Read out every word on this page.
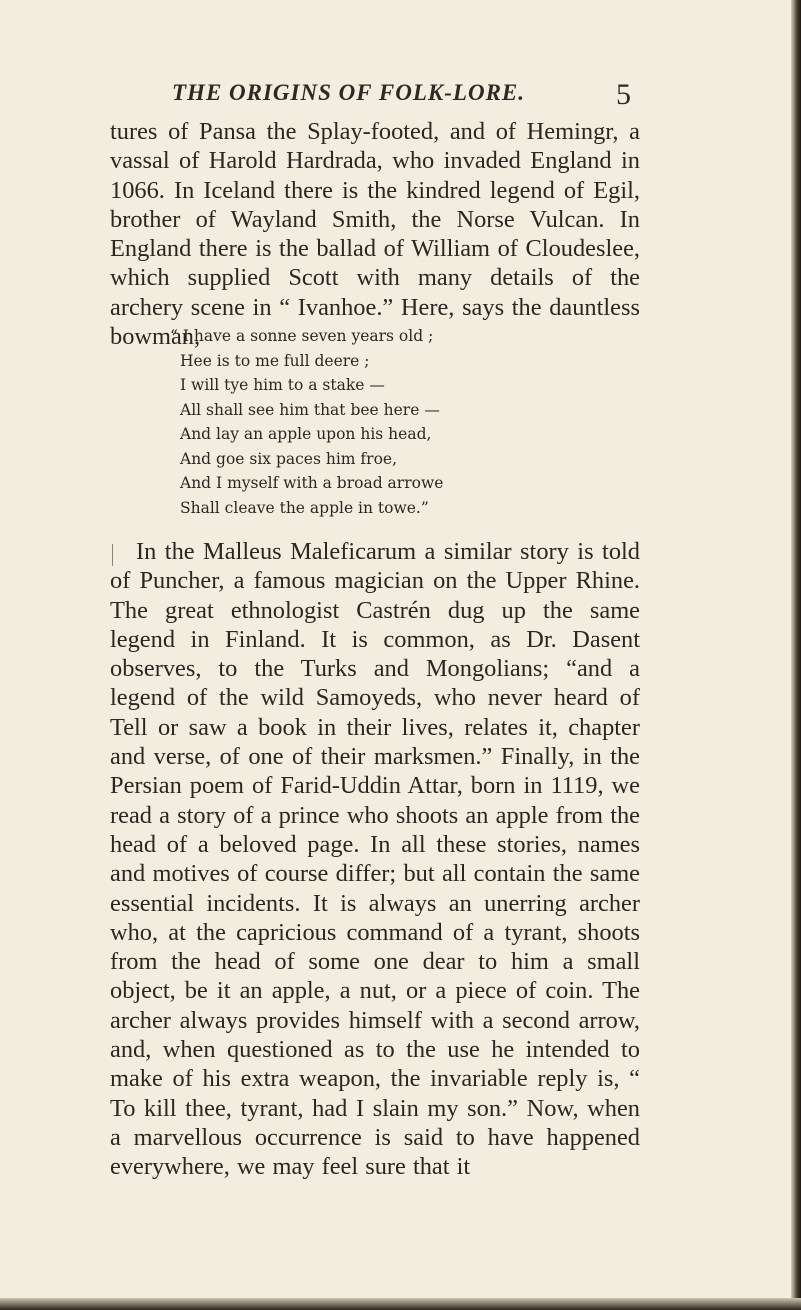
THE ORIGINS OF FOLK-LORE.	5

tures of Pansa the Splay-footed, and of Hemingr, a vassal of Harold Hardrada, who invaded England in 1066. In Iceland there is the kindred legend of Egil, brother of Wayland Smith, the Norse Vulcan. In England there is the ballad of William of Cloudeslee, which supplied Scott with many details of the archery scene in “ Ivanhoe.” Here, says the dauntless bowman,

“ I have a sonne seven years old ;
Hee is to me full deere ;
I will tye him to a stake —
All shall see him that bee here —
And lay an apple upon his head,
And goe six paces him froe,
And I myself with a broad arrowe
Shall cleave the apple in towe.”

In the Malleus Maleficarum a similar story is told of Puncher, a famous magician on the Upper Rhine. The great ethnologist Castrén dug up the same legend in Finland. It is common, as Dr. Dasent observes, to the Turks and Mongolians; “and a legend of the wild Samoyeds, who never heard of Tell or saw a book in their lives, relates it, chapter and verse, of one of their marksmen.” Finally, in the Persian poem of Farid-Uddin Attar, born in 1119, we read a story of a prince who shoots an apple from the head of a beloved page. In all these stories, names and motives of course differ; but all contain the same essential incidents. It is always an unerring archer who, at the capricious command of a tyrant, shoots from the head of some one dear to him a small object, be it an apple, a nut, or a piece of coin. The archer always provides himself with a second arrow, and, when questioned as to the use he intended to make of his extra weapon, the invariable reply is, “ To kill thee, tyrant, had I slain my son.” Now, when a marvellous occurrence is said to have happened everywhere, we may feel sure that it
